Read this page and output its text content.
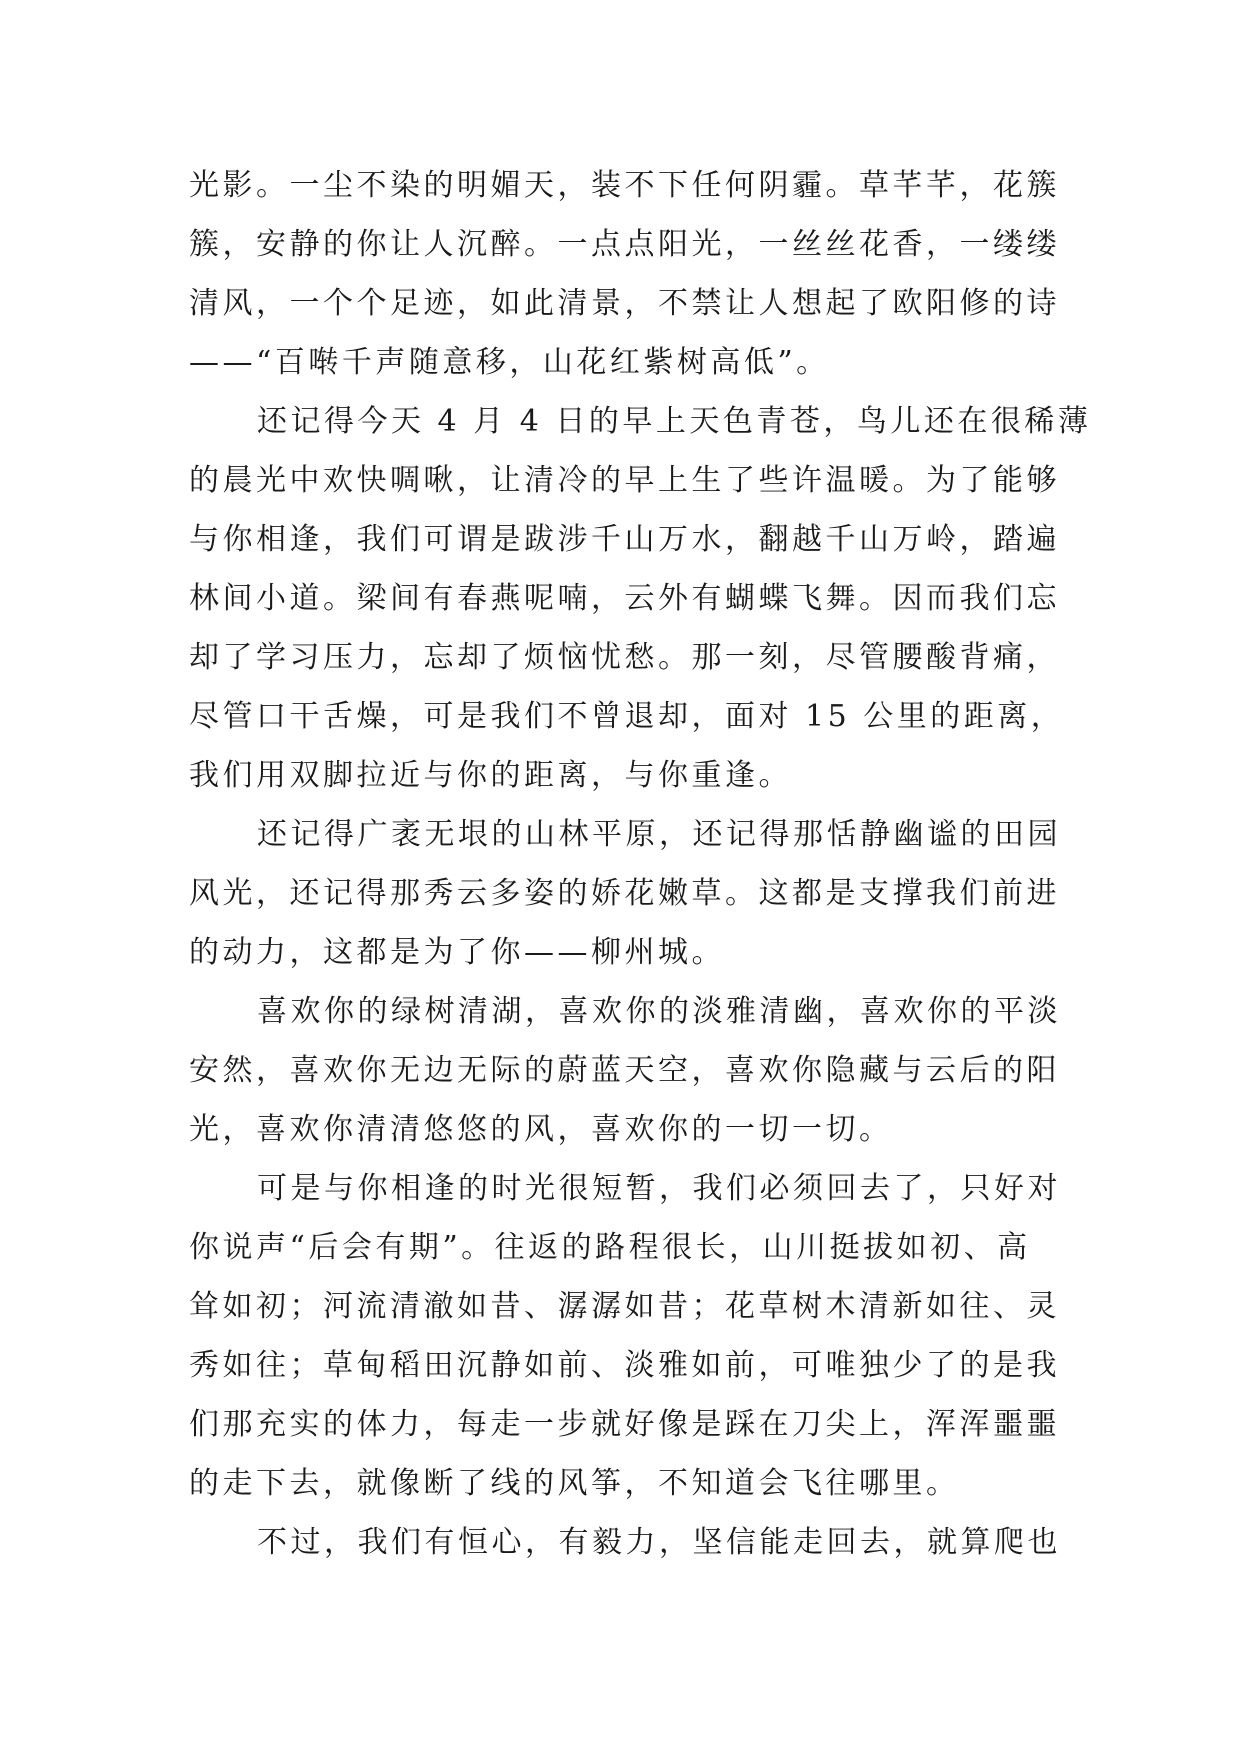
光影。一尘不染的明媚天，装不下任何阴霾。草芊芊，花簇
簇，安静的你让人沉醉。一点点阳光，一丝丝花香，一缕缕
清风，一个个足迹，如此清景，不禁让人想起了欧阳修的诗
——“百啭千声随意移，山花红紫树高低”。
还记得今天 4 月 4 日的早上天色青苍，鸟儿还在很稀薄
的晨光中欢快啁啾，让清冷的早上生了些许温暖。为了能够
与你相逢，我们可谓是跋涉千山万水，翻越千山万岭，踏遍
林间小道。梁间有春燕呢喃，云外有蝴蝶飞舞。因而我们忘
却了学习压力，忘却了烦恼忧愁。那一刻，尽管腰酸背痛，
尽管口干舌燥，可是我们不曾退却，面对 15 公里的距离，
我们用双脚拉近与你的距离，与你重逢。
还记得广袤无垠的山林平原，还记得那恬静幽谧的田园
风光，还记得那秀云多姿的娇花嫩草。这都是支撑我们前进
的动力，这都是为了你——柳州城。
喜欢你的绿树清湖，喜欢你的淡雅清幽，喜欢你的平淡
安然，喜欢你无边无际的蔚蓝天空，喜欢你隐藏与云后的阳
光，喜欢你清清悠悠的风，喜欢你的一切一切。
可是与你相逢的时光很短暂，我们必须回去了，只好对
你说声“后会有期”。往返的路程很长，山川挺拔如初、高
耸如初；河流清澈如昔、潺潺如昔；花草树木清新如往、灵
秀如往；草甸稻田沉静如前、淡雅如前，可唯独少了的是我
们那充实的体力，每走一步就好像是踩在刀尖上，浑浑噩噩
的走下去，就像断了线的风筝，不知道会飞往哪里。
不过，我们有恒心，有毅力，坚信能走回去，就算爬也
